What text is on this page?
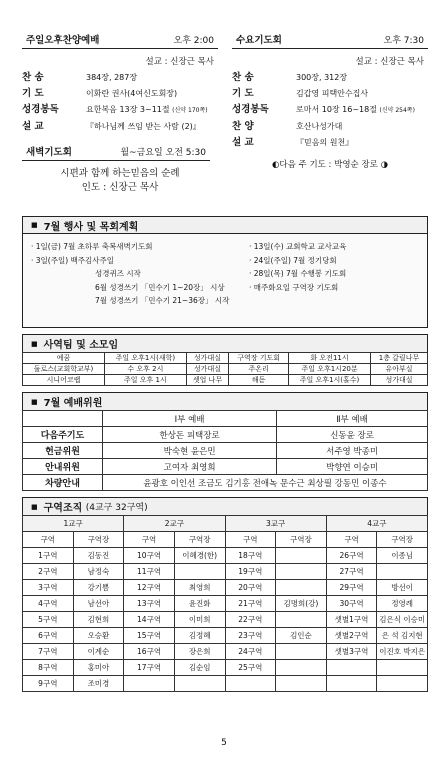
주일오후찬양예배	오후 2:00
설교 : 신장근 목사
찬 송	384장, 287장
기 도	이화란 권사(4여신도회장)
성경봉독	요한복음 13장 3~11절 (신약 170쪽)
설 교	『하나님께 쓰임 받는 사람 (2)』
새벽기도회	월~금요일 오전 5:30
시편과 함께 하는믿음의 순례
인도 : 신장근 목사
수요기도회	오후 7:30
설교 : 신장근 목사
찬 송	300장, 312장
기 도	김갑영 피택안수집사
성경봉독	로마서 10장 16~18절 (신약 254쪽)
찬 양	호산나성가대
설 교	『믿음의 원천』
◐다음 주 기도 : 박영순 장로 ◑
■ 7월 행사 및 목회계획
· 1일(금) 7월 초하루 축복새벽기도회
· 3일(주일) 백주김사주일
성경퀴즈 시작
6월 성경쓰기 「민수기 1~20장」 시상
7월 성경쓰기 「민수기 21~36장」 시작
· 13일(수) 교회학교 교사교육
· 24일(주일) 7월 정기당회
· 28일(목) 7월 수행봉 기도회
· 매주화요일 구역장 기도회
■ 사역팀 및 소모임
예꿈	주일 오후1시(새학)	성가대실	구역장 기도회	화 오전11시	1층 갈릴나무
둘로스(교회학교부)	수 오후 2시	성가대실	주온리	주일 오후1시20분	유아부실
시니어코랩	주일 오후 1시	셋업 나무	해돋	주일 오후1시(홀수)	성가대실
■ 7월 예배위원
	Ⅰ부 예배	Ⅱ부 예배
다음주기도	한상돈 피택장로	신동윤 장로
헌금위원	박숙현 윤은민	서주영 박종미
안내위원	고여자 최영희	박향연 이승미
차량안내	윤광호 이인선 조금도 김기홍 전애녹 문수근 최상필 강동민 이종수	
■ 구역조직
(4교구 32구역)
1교구		2교구		3교구		4교구	
구역	구역장	구역	구역장	구역	구역장	구역	구역장
1구역	김동진	10구역	이혜경(한)	18구역		26구역	이종님
2구역	남정숙	11구역		19구역		27구역	
3구역	강기쁨	12구역	최영희	20구역		29구역	방선이
4구역	남선아	13구역	윤진화	21구역	김명희(강)	30구역	정영례
5구역	김현희	14구역	이미희	22구역		셋별1구역	김은식 이승미
6구역	오승환	15구역	김정혜	23구역	김인순	셋별2구역	은 석 김지현
7구역	이계순	16구역	장은희	24구역		셋별3구역	이진호 박지은
8구역	홍미아	17구역	김순임	25구역			
9구역	조미경						
5
